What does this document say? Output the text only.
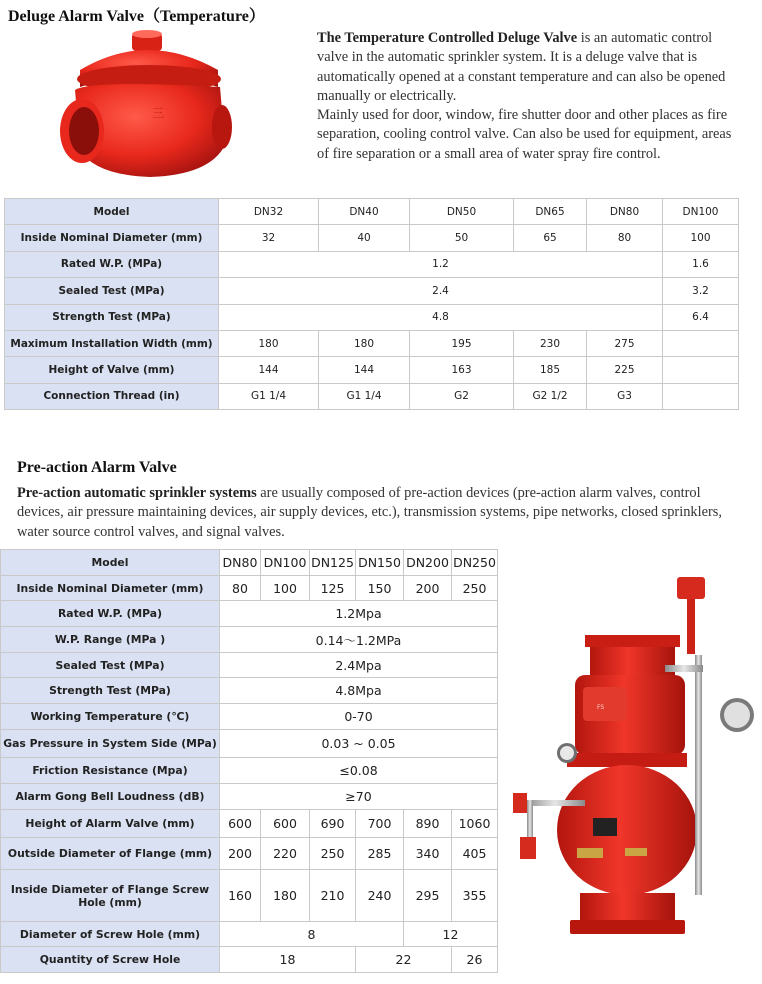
Deluge Alarm Valve（Temperature）
三
The Temperature Controlled Deluge Valve is an automatic control valve in the automatic sprinkler system. It is a deluge valve that is automatically opened at a constant temperature and can also be opened manually or electrically.
Mainly used for door, window, fire shutter door and other places as fire separation, cooling control valve. Can also be used for equipment, areas of fire separation or a small area of water spray fire control.
Model	DN32	DN40	DN50	DN65	DN80	DN100
Inside Nominal Diameter (mm)	32	40	50	65	80	100
Rated W.P. (MPa)	1.2					1.6
Sealed Test (MPa)	2.4					3.2
Strength Test (MPa)	4.8					6.4
Maximum Installation Width (mm)	180	180	195	230	275	
Height of Valve (mm)	144	144	163	185	225	
Connection Thread (in)	G1 1/4	G1 1/4	G2	G2 1/2	G3	
Pre-action Alarm Valve
Pre-action automatic sprinkler systems are usually composed of pre-action devices (pre-action alarm valves, control devices, air pressure maintaining devices, air supply devices, etc.), transmission systems, pipe networks, closed sprinklers, water source control valves, and signal valves.
Model	DN80	DN100	DN125	DN150	DN200	DN250
Inside Nominal Diameter (mm)	80	100	125	150	200	250
Rated W.P. (MPa)	1.2Mpa					
W.P. Range (MPa )	0.14～1.2MPa					
Sealed Test (MPa)	2.4Mpa					
Strength Test (MPa)	4.8Mpa					
Working Temperature (℃)	0-70					
Gas Pressure in System Side (MPa)	0.03 ~ 0.05					
Friction Resistance (Mpa)	≤0.08					
Alarm Gong Bell Loudness (dB)	≥70					
Height of Alarm Valve (mm)	600	600	690	700	890	1060
Outside Diameter of Flange (mm)	200	220	250	285	340	405
Inside Diameter of Flange Screw Hole (mm)	160	180	210	240	295	355
Diameter of Screw Hole (mm)	8				12	
Quantity of Screw Hole	18			22		26
FS
